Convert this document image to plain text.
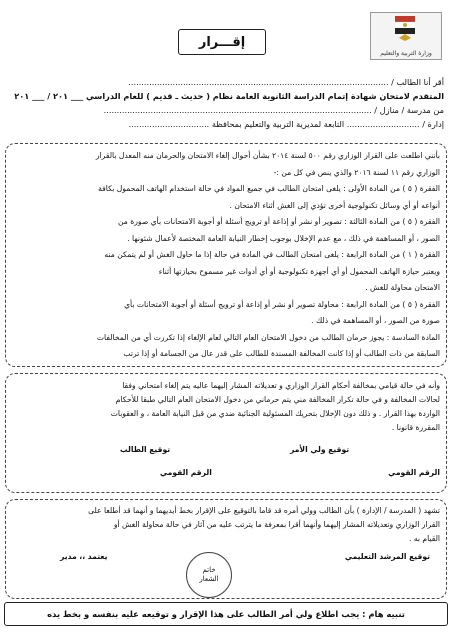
وزارة التربية والتعليم
إقـــرار
أقر أنا الطالب / ....................................................................................................
المتقدم لامتحان شهادة إتمام الدراسة الثانوية العامة نظام ( حديث ـ قديم ) للعام الدراسي ___ ٢٠١ / ___ ٢٠١
من مدرسة / منازل / .......................................................................................................
إدارة / ............................ التابعة لمديرية التربية والتعليم بمحافظة ...............................
بأنني اطلعت على القرار الوزاري رقم ٥٠٠ لسنة ٢٠١٤ بشأن أحوال إلغاء الامتحان والحرمان منه المعدل بالقرار
الوزاري رقم ١١ لسنة ٢٠١٦ والذي ينص في كل من :-
الفقرة ( ٥ ) من المادة الأولى : يلغى امتحان الطالب في جميع المواد في حالة استخدام الهاتف المحمول بكافة
أنواعه أو أي وسائل تكنولوجية أخرى تؤدي إلى الغش أثناء الامتحان .
الفقرة ( ٥ ) من المادة الثالثة : تصوير أو نشر أو إذاعة أو ترويج أسئلة أو أجوبة الامتحانات بأي صورة من
الصور ، أو المساهمة في ذلك ، مع عدم الإخلال بوجوب إخطار النيابة العامة المختصة لأعمال شئونها .
الفقرة ( ١ ) من المادة الرابعة : يلغى امتحان الطالب في المادة في حالة إذا ما حاول الغش أو لم يتمكن منه
ويعتبر حيازة الهاتف المحمول أو أي أجهزة تكنولوجية أو أي أدوات غير مسموح بحيازتها أثناء
الامتحان محاولة للغش .
الفقرة ( ٥ ) من المادة الرابعة : محاولة تصوير أو نشر أو إذاعة أو ترويج أسئلة أو أجوبة الامتحانات بأي
صورة من الصور ، أو المساهمة في ذلك .
المادة السادسة : يجوز حرمان الطالب من دخول الامتحان العام التالي لعام الإلغاء إذا تكررت أي من المخالفات
السابقة من ذات الطالب أو إذا كانت المخالفة المسندة للطالب على قدر عال من الجسامة أو إذا ترتب
وأنه في حالة قيامي بمخالفة أحكام القرار الوزاري و تعديلاته المشار إليهما عاليه يتم إلغاء امتحاني وفقا
لحالات المخالفة و في حالة تكرار المخالفة مني يتم حرماني من دخول الامتحان العام التالي طبقا للأحكام
الواردة بهذا القرار . و ذلك دون الإخلال بتحريك المسئولية الجنائية ضدي من قبل النيابة العامة ، و العقوبات
المقررة قانونا .
توقيع ولي الأمر
توقيع الطالب
الرقم القومي
الرقم القومي
تشهد ( المدرسة / الإدارة ) بأن الطالب وولي أمره قد قاما بالتوقيع على الإقرار بخط أيديهما و أنهما قد أطلعا على
القرار الوزاري وتعديلاته المشار إليهما وأنهما أقرا بمعرفة ما يترتب عليه من آثار في حالة محاولة الغش أو
القيام به .
توقيع المرشد التعليمي
يعتمد ،، مدير
خاتم
الشعار
تنبيه هام : يجب اطلاع ولي أمر الطالب على هذا الإقرار و توقيعه عليه بنفسه و بخط يده
